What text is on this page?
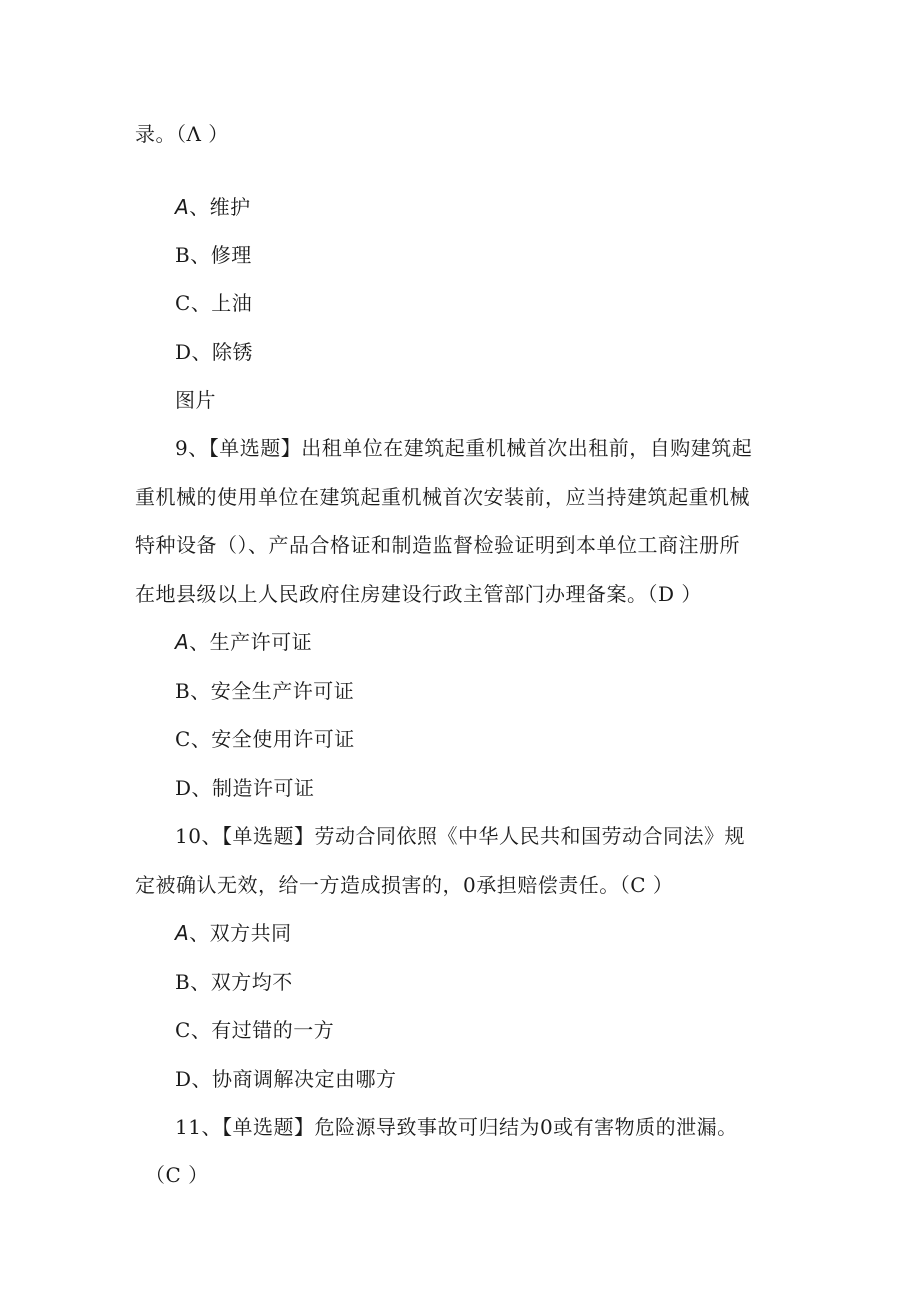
录。（Λ ）
A、维护
B、修理
C、上油
D、除锈
图片
9、【单选题】出租单位在建筑起重机械首次出租前，自购建筑起
重机械的使用单位在建筑起重机械首次安装前，应当持建筑起重机械
特种设备（）、产品合格证和制造监督检验证明到本单位工商注册所
在地县级以上人民政府住房建设行政主管部门办理备案。（D ）
A、生产许可证
B、安全生产许可证
C、安全使用许可证
D、制造许可证
10、【单选题】劳动合同依照《中华人民共和国劳动合同法》规
定被确认无效，给一方造成损害的，0承担赔偿责任。（C ）
A、双方共同
B、双方均不
C、有过错的一方
D、协商调解决定由哪方
11、【单选题】危险源导致事故可归结为0或有害物质的泄漏。
（C ）
